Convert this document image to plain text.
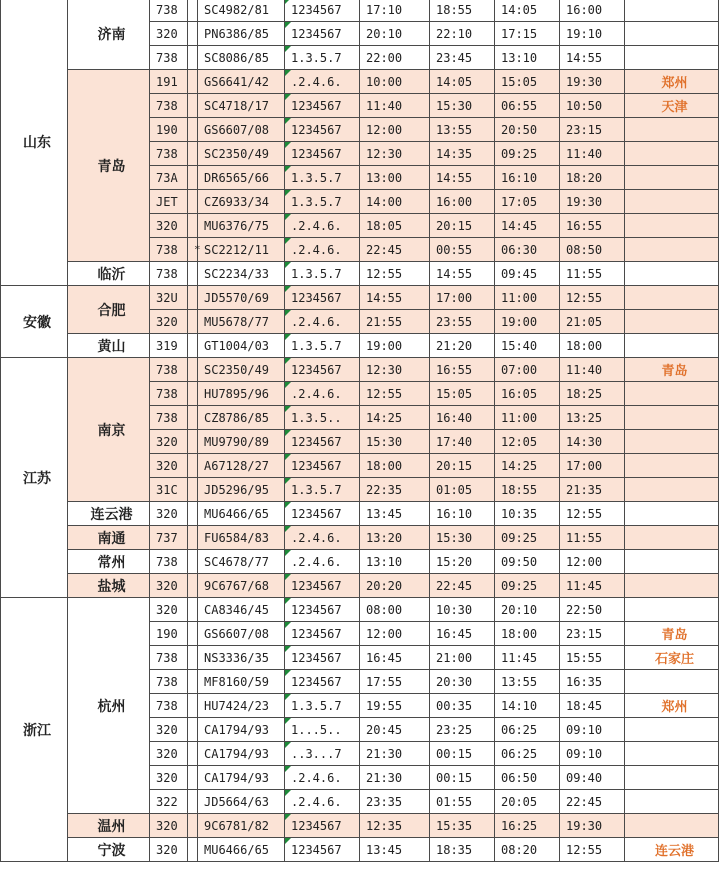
山东	济南	738		SC4982/81	1234567	17:10	18:55	14:05	16:00	
		320		PN6386/85	1234567	20:10	22:10	17:15	19:10	
		738		SC8086/85	1.3.5.7	22:00	23:45	13:10	14:55	
	青岛	191		GS6641/42	.2.4.6.	10:00	14:05	15:05	19:30	郑州
		738		SC4718/17	1234567	11:40	15:30	06:55	10:50	天津
		190		GS6607/08	1234567	12:00	13:55	20:50	23:15	
		738		SC2350/49	1234567	12:30	14:35	09:25	11:40	
		73A		DR6565/66	1.3.5.7	13:00	14:55	16:10	18:20	
		JET		CZ6933/34	1.3.5.7	14:00	16:00	17:05	19:30	
		320		MU6376/75	.2.4.6.	18:05	20:15	14:45	16:55	
		738	*	SC2212/11	.2.4.6.	22:45	00:55	06:30	08:50	
	临沂	738		SC2234/33	1.3.5.7	12:55	14:55	09:45	11:55	
安徽	合肥	32U		JD5570/69	1234567	14:55	17:00	11:00	12:55	
		320		MU5678/77	.2.4.6.	21:55	23:55	19:00	21:05	
	黄山	319		GT1004/03	1.3.5.7	19:00	21:20	15:40	18:00	
江苏	南京	738		SC2350/49	1234567	12:30	16:55	07:00	11:40	青岛
		738		HU7895/96	.2.4.6.	12:55	15:05	16:05	18:25	
		738		CZ8786/85	1.3.5..	14:25	16:40	11:00	13:25	
		320		MU9790/89	1234567	15:30	17:40	12:05	14:30	
		320		A67128/27	1234567	18:00	20:15	14:25	17:00	
		31C		JD5296/95	1.3.5.7	22:35	01:05	18:55	21:35	
	连云港	320		MU6466/65	1234567	13:45	16:10	10:35	12:55	
	南通	737		FU6584/83	.2.4.6.	13:20	15:30	09:25	11:55	
	常州	738		SC4678/77	.2.4.6.	13:10	15:20	09:50	12:00	
	盐城	320		9C6767/68	1234567	20:20	22:45	09:25	11:45	
浙江	杭州	320		CA8346/45	1234567	08:00	10:30	20:10	22:50	
		190		GS6607/08	1234567	12:00	16:45	18:00	23:15	青岛
		738		NS3336/35	1234567	16:45	21:00	11:45	15:55	石家庄
		738		MF8160/59	1234567	17:55	20:30	13:55	16:35	
		738		HU7424/23	1.3.5.7	19:55	00:35	14:10	18:45	郑州
		320		CA1794/93	1...5..	20:45	23:25	06:25	09:10	
		320		CA1794/93	..3...7	21:30	00:15	06:25	09:10	
		320		CA1794/93	.2.4.6.	21:30	00:15	06:50	09:40	
		322		JD5664/63	.2.4.6.	23:35	01:55	20:05	22:45	
	温州	320		9C6781/82	1234567	12:35	15:35	16:25	19:30	
	宁波	320		MU6466/65	1234567	13:45	18:35	08:20	12:55	连云港
